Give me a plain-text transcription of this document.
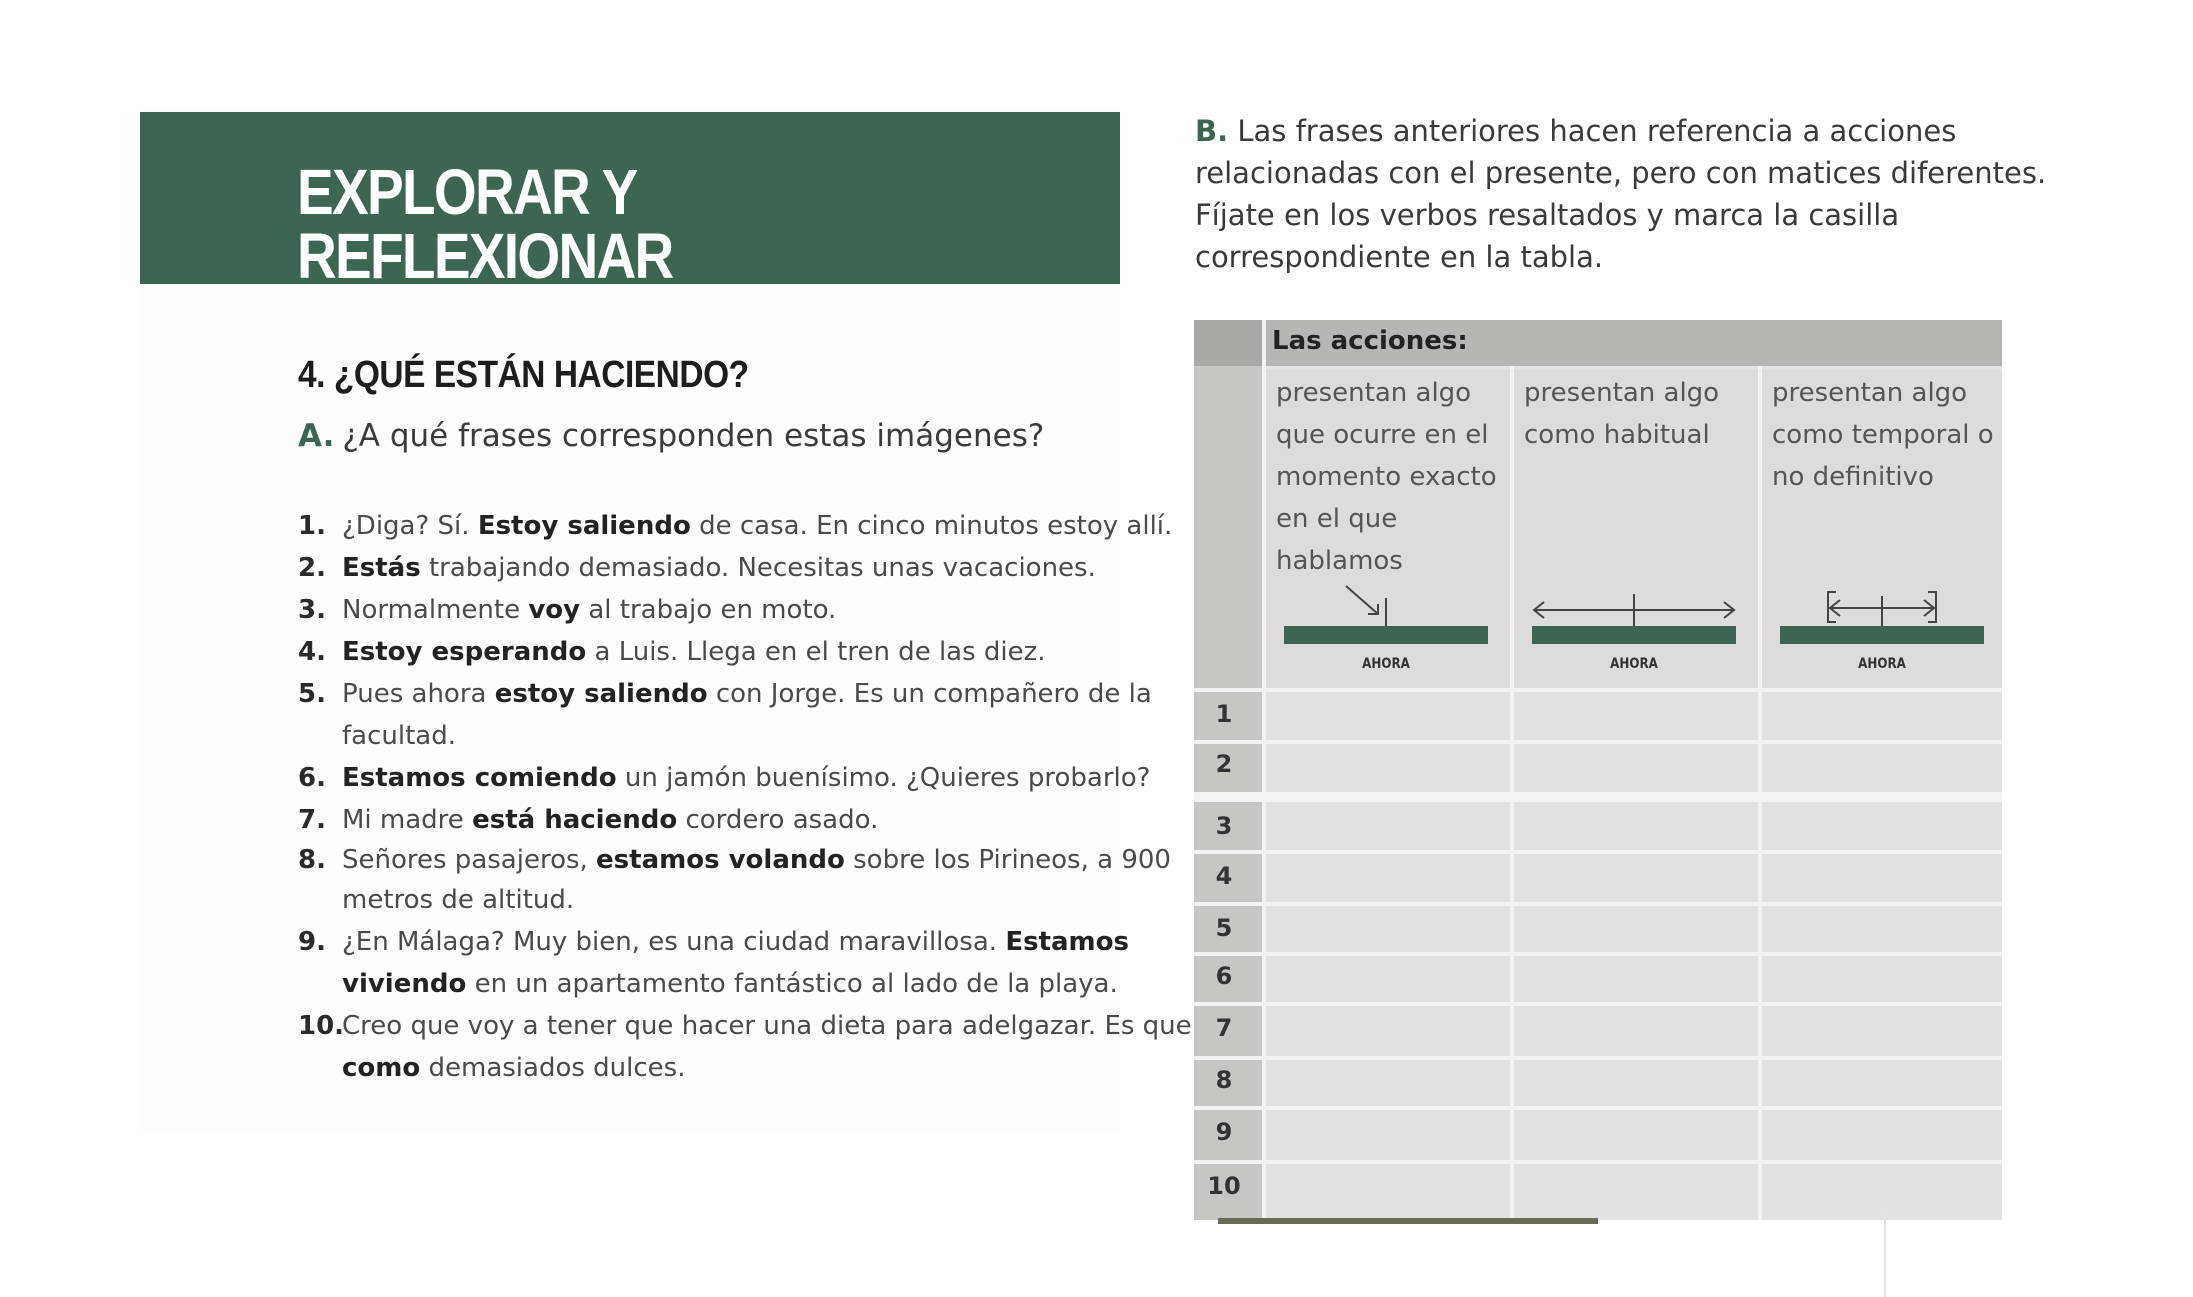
EXPLORAR Y REFLEXIONAR
4. ¿QUÉ ESTÁN HACIENDO?
A. ¿A qué frases corresponden estas imágenes?
1. ¿Diga? Sí. Estoy saliendo de casa. En cinco minutos estoy allí.
2. Estás trabajando demasiado. Necesitas unas vacaciones.
3. Normalmente voy al trabajo en moto.
4. Estoy esperando a Luis. Llega en el tren de las diez.
5. Pues ahora estoy saliendo con Jorge. Es un compañero de la
facultad.
6. Estamos comiendo un jamón buenísimo. ¿Quieres probarlo?
7. Mi madre está haciendo cordero asado.
8. Señores pasajeros, estamos volando sobre los Pirineos, a 900
metros de altitud.
9. ¿En Málaga? Muy bien, es una ciudad maravillosa. Estamos
viviendo en un apartamento fantástico al lado de la playa.
10.
Creo que voy a tener que hacer una dieta para adelgazar. Es que
como demasiados dulces.
B. Las frases anteriores hacen referencia a acciones relacionadas con el presente, pero con matices diferentes. Fíjate en los verbos resaltados y marca la casilla correspondiente en la tabla.
Las acciones:
presentan algo que ocurre en el momento exacto en el que hablamos
AHORA
presentan algo como habitual
AHORA
presentan algo como temporal o no definitivo
AHORA
1
2
3
4
5
6
7
8
9
10
